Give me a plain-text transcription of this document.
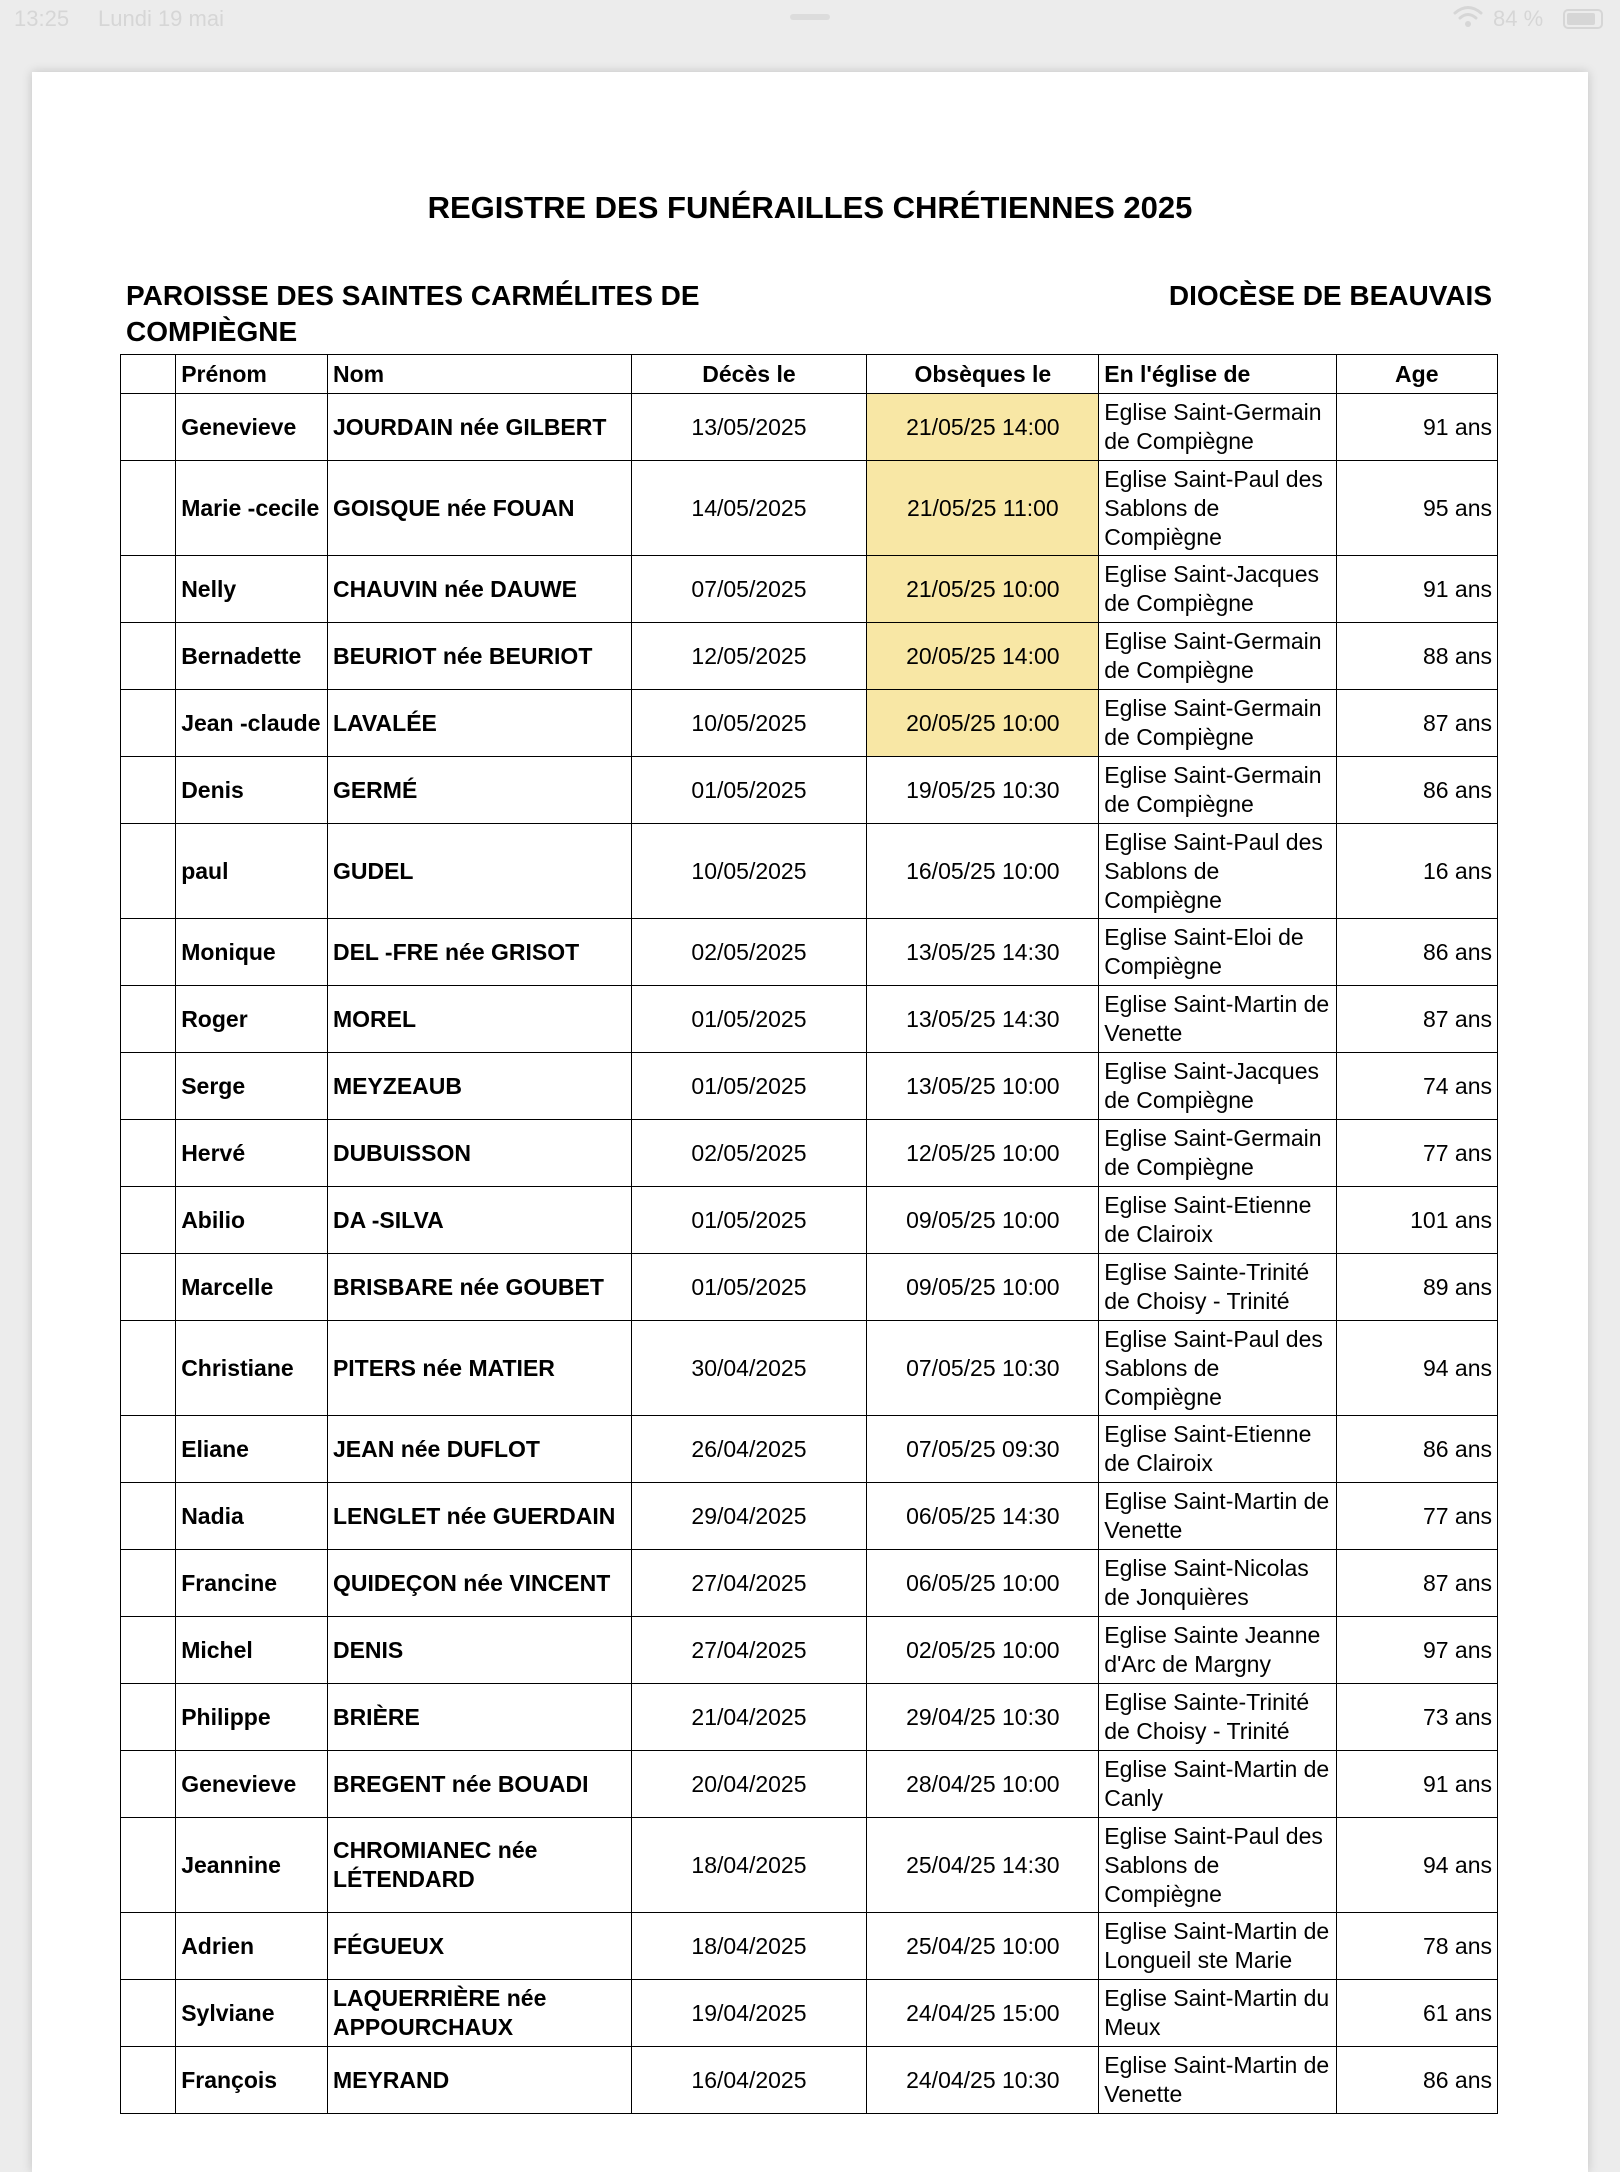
13:25 Lundi 19 mai	84 %
REGISTRE DES FUNÉRAILLES CHRÉTIENNES 2025
PAROISSE DES SAINTES CARMÉLITES DE COMPIÈGNE
DIOCÈSE DE BEAUVAIS
	Prénom	Nom	Décès le	Obsèques le	En l'église de	Age
	Genevieve	JOURDAIN née GILBERT	13/05/2025	21/05/25 14:00	Eglise Saint-Germain de Compiègne	91 ans
	Marie -cecile	GOISQUE née FOUAN	14/05/2025	21/05/25 11:00	Eglise Saint-Paul des Sablons de Compiègne	95 ans
	Nelly	CHAUVIN née DAUWE	07/05/2025	21/05/25 10:00	Eglise Saint-Jacques de Compiègne	91 ans
	Bernadette	BEURIOT née BEURIOT	12/05/2025	20/05/25 14:00	Eglise Saint-Germain de Compiègne	88 ans
	Jean -claude	LAVALÉE	10/05/2025	20/05/25 10:00	Eglise Saint-Germain de Compiègne	87 ans
	Denis	GERMÉ	01/05/2025	19/05/25 10:30	Eglise Saint-Germain de Compiègne	86 ans
	paul	GUDEL	10/05/2025	16/05/25 10:00	Eglise Saint-Paul des Sablons de Compiègne	16 ans
	Monique	DEL -FRE née GRISOT	02/05/2025	13/05/25 14:30	Eglise Saint-Eloi de Compiègne	86 ans
	Roger	MOREL	01/05/2025	13/05/25 14:30	Eglise Saint-Martin de Venette	87 ans
	Serge	MEYZEAUB	01/05/2025	13/05/25 10:00	Eglise Saint-Jacques de Compiègne	74 ans
	Hervé	DUBUISSON	02/05/2025	12/05/25 10:00	Eglise Saint-Germain de Compiègne	77 ans
	Abilio	DA -SILVA	01/05/2025	09/05/25 10:00	Eglise Saint-Etienne de Clairoix	101 ans
	Marcelle	BRISBARE née GOUBET	01/05/2025	09/05/25 10:00	Eglise Sainte-Trinité de Choisy - Trinité	89 ans
	Christiane	PITERS née MATIER	30/04/2025	07/05/25 10:30	Eglise Saint-Paul des Sablons de Compiègne	94 ans
	Eliane	JEAN née DUFLOT	26/04/2025	07/05/25 09:30	Eglise Saint-Etienne de Clairoix	86 ans
	Nadia	LENGLET née GUERDAIN	29/04/2025	06/05/25 14:30	Eglise Saint-Martin de Venette	77 ans
	Francine	QUIDEÇON née VINCENT	27/04/2025	06/05/25 10:00	Eglise Saint-Nicolas de Jonquières	87 ans
	Michel	DENIS	27/04/2025	02/05/25 10:00	Eglise Sainte Jeanne d'Arc de Margny	97 ans
	Philippe	BRIÈRE	21/04/2025	29/04/25 10:30	Eglise Sainte-Trinité de Choisy - Trinité	73 ans
	Genevieve	BREGENT née BOUADI	20/04/2025	28/04/25 10:00	Eglise Saint-Martin de Canly	91 ans
	Jeannine	CHROMIANEC née LÉTENDARD	18/04/2025	25/04/25 14:30	Eglise Saint-Paul des Sablons de Compiègne	94 ans
	Adrien	FÉGUEUX	18/04/2025	25/04/25 10:00	Eglise Saint-Martin de Longueil ste Marie	78 ans
	Sylviane	LAQUERRIÈRE née APPOURCHAUX	19/04/2025	24/04/25 15:00	Eglise Saint-Martin du Meux	61 ans
	François	MEYRAND	16/04/2025	24/04/25 10:30	Eglise Saint-Martin de Venette	86 ans
